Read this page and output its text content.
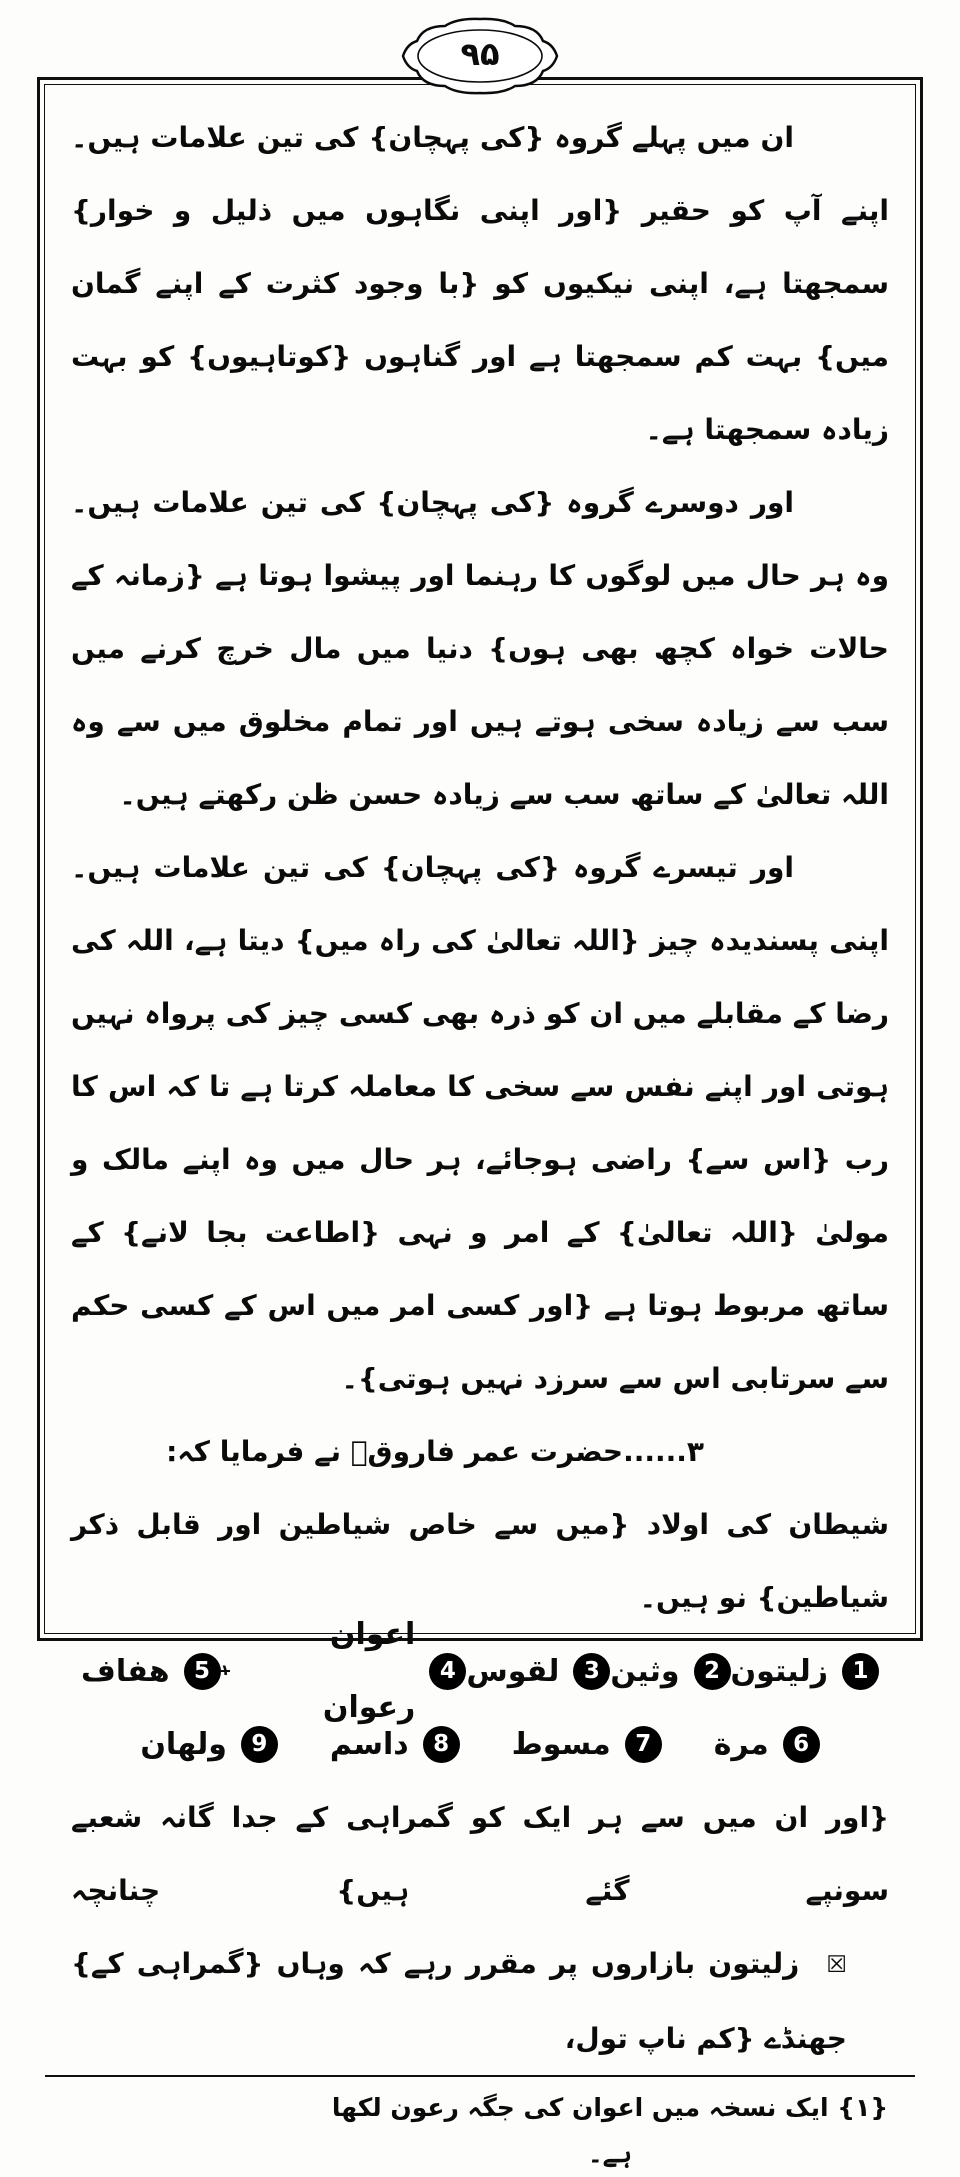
۹۵

ان میں پہلے گروہ {کی پہچان} کی تین علامات ہیں۔ اپنے آپ کو حقیر {اور اپنی نگاہوں میں ذلیل و خوار} سمجھتا ہے، اپنی نیکیوں کو {با وجود کثرت کے اپنے گمان میں} بہت کم سمجھتا ہے اور گناہوں {کوتاہیوں} کو بہت زیادہ سمجھتا ہے۔

اور دوسرے گروہ {کی پہچان} کی تین علامات ہیں۔ وہ ہر حال میں لوگوں کا رہنما اور پیشوا ہوتا ہے {زمانہ کے حالات خواہ کچھ بھی ہوں} دنیا میں مال خرچ کرنے میں سب سے زیادہ سخی ہوتے ہیں اور تمام مخلوق میں سے وہ اللہ تعالیٰ کے ساتھ سب سے زیادہ حسن ظن رکھتے ہیں۔

اور تیسرے گروہ {کی پہچان} کی تین علامات ہیں۔ اپنی پسندیدہ چیز {اللہ تعالیٰ کی راہ میں} دیتا ہے، اللہ کی رضا کے مقابلے میں ان کو ذرہ بھی کسی چیز کی پرواہ نہیں ہوتی اور اپنے نفس سے سخی کا معاملہ کرتا ہے تا کہ اس کا رب {اس سے} راضی ہوجائے، ہر حال میں وہ اپنے مالک و مولیٰ {اللہ تعالیٰ} کے امر و نہی {اطاعت بجا لانے} کے ساتھ مربوط ہوتا ہے {اور کسی امر میں اس کے کسی حکم سے سرتابی اس سے سرزد نہیں ہوتی}۔

۳......حضرت عمر فاروقؓ نے فرمایا کہ:

شیطان کی اولاد {میں سے خاص شیاطین اور قابل ذکر شیاطین} نو ہیں۔

1
زلیتون
2
وثین
3
لقوس
4
اعوان رعوان
۱
5
ھفاف
6
مرة
7
مسوط
8
داسم
9
ولھان

{اور ان میں سے ہر ایک کو گمراہی کے جدا گانہ شعبے سونپے گئے ہیں} چنانچہ

☒ زلیتون بازاروں پر مقرر رہے کہ وہاں {گمراہی کے} جھنڈے {کم ناپ تول،

{۱} ایک نسخہ میں اعوان کی جگہ رعون لکھا ہے۔
